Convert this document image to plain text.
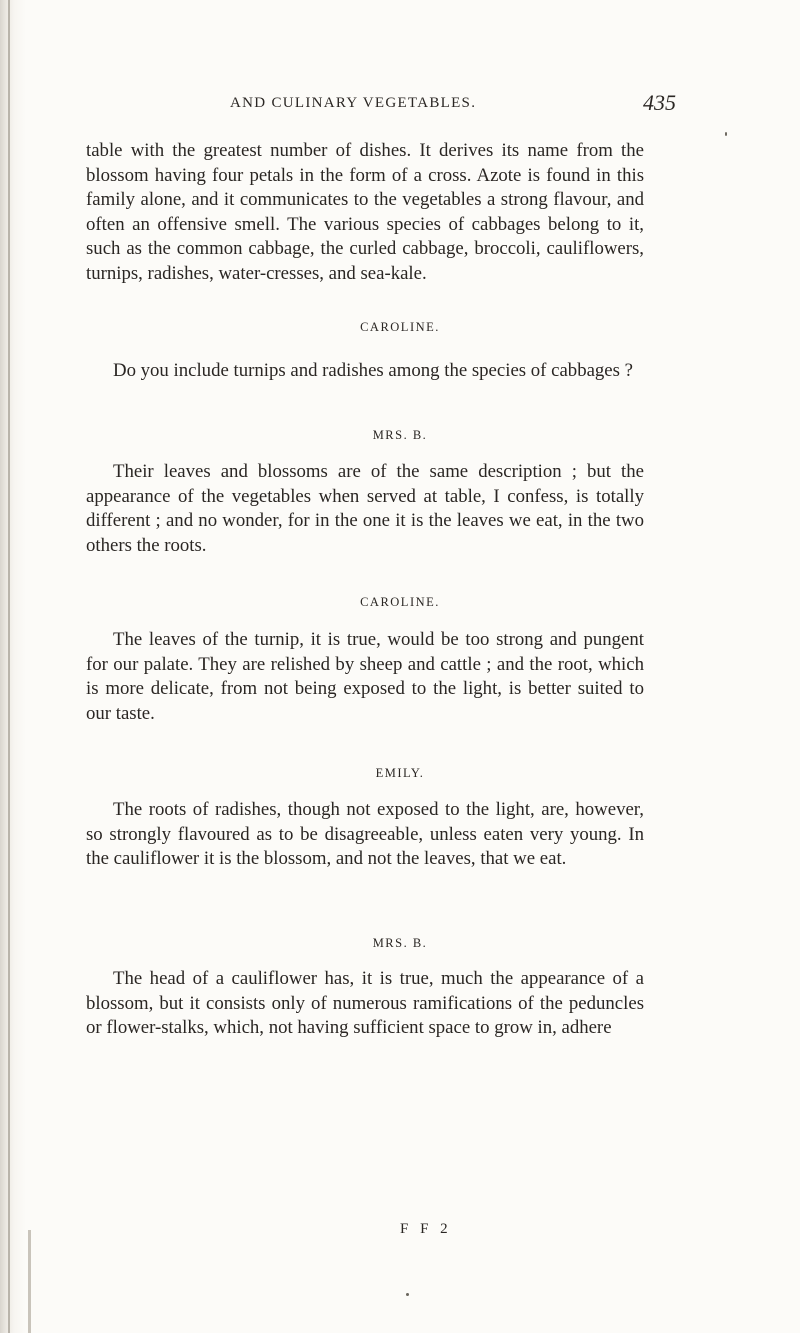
AND CULINARY VEGETABLES.	435
table with the greatest number of dishes. It derives its name from the blossom having four petals in the form of a cross. Azote is found in this family alone, and it communicates to the vegetables a strong flavour, and often an offensive smell. The various species of cabbages belong to it, such as the common cabbage, the curled cabbage, broccoli, cauliflowers, turnips, radishes, water-cresses, and sea-kale.
CAROLINE.
Do you include turnips and radishes among the species of cabbages ?
MRS. B.
Their leaves and blossoms are of the same description ; but the appearance of the vegetables when served at table, I confess, is totally different ; and no wonder, for in the one it is the leaves we eat, in the two others the roots.
CAROLINE.
The leaves of the turnip, it is true, would be too strong and pungent for our palate. They are relished by sheep and cattle ; and the root, which is more delicate, from not being exposed to the light, is better suited to our taste.
EMILY.
The roots of radishes, though not exposed to the light, are, however, so strongly flavoured as to be disagreeable, unless eaten very young. In the cauliflower it is the blossom, and not the leaves, that we eat.
MRS. B.
The head of a cauliflower has, it is true, much the appearance of a blossom, but it consists only of numerous ramifications of the peduncles or flower-stalks, which, not having sufficient space to grow in, adhere
F F 2
